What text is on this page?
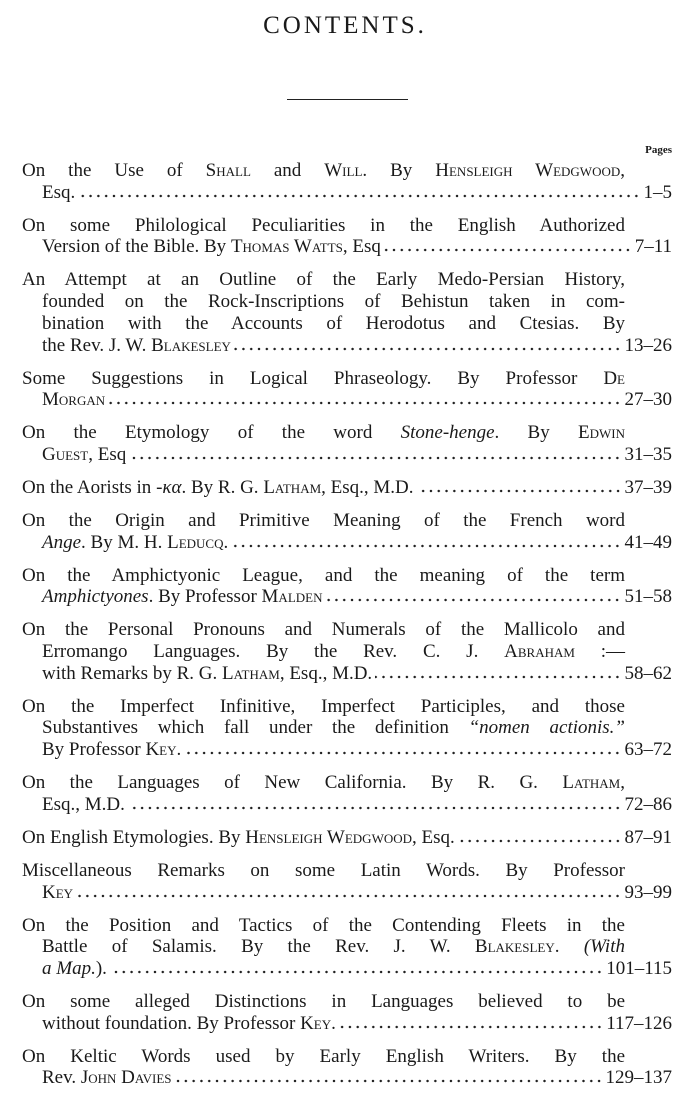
CONTENTS.
Pages
On the Use of Shall and Will. By Hensleigh Wedgwood,
Esq.	1–5
On some Philological Peculiarities in the English Authorized
Version of the Bible. By Thomas Watts, Esq	7–11
An Attempt at an Outline of the Early Medo-Persian History,
founded on the Rock-Inscriptions of Behistun taken in com-
bination with the Accounts of Herodotus and Ctesias. By
the Rev. J. W. Blakesley	13–26
Some Suggestions in Logical Phraseology. By Professor De
Morgan	27–30
On the Etymology of the word Stone-henge. By Edwin
Guest, Esq	31–35
On the Aorists in -κα. By R. G. Latham, Esq., M.D.	37–39
On the Origin and Primitive Meaning of the French word
Ange. By M. H. Leducq.	41–49
On the Amphictyonic League, and the meaning of the term
Amphictyones. By Professor Malden	51–58
On the Personal Pronouns and Numerals of the Mallicolo and
Erromango Languages. By the Rev. C. J. Abraham :—
with Remarks by R. G. Latham, Esq., M.D.	58–62
On the Imperfect Infinitive, Imperfect Participles, and those
Substantives which fall under the definition “nomen actionis.”
By Professor Key.	63–72
On the Languages of New California. By R. G. Latham,
Esq., M.D.	72–86
On English Etymologies. By Hensleigh Wedgwood, Esq.	87–91
Miscellaneous Remarks on some Latin Words. By Professor
Key	93–99
On the Position and Tactics of the Contending Fleets in the
Battle of Salamis. By the Rev. J. W. Blakesley. (With
a Map.).	101–115
On some alleged Distinctions in Languages believed to be
without foundation. By Professor Key.	117–126
On Keltic Words used by Early English Writers. By the
Rev. John Davies	129–137
